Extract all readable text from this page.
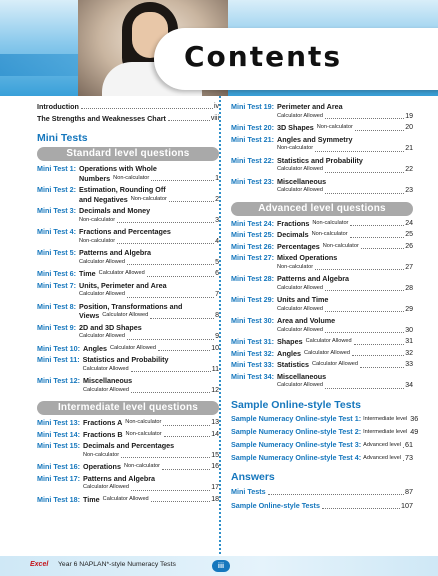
Contents
Introduction	iv
The Strengths and Weaknesses Chart	viii
Mini Tests
Standard level questions
Mini Test 1: Operations with Whole
Numbers Non-calculator	1
Mini Test 2: Estimation, Rounding Off
and Negatives Non-calculator	2
Mini Test 3: Decimals and Money
Non-calculator	3
Mini Test 4: Fractions and Percentages
Non-calculator	4
Mini Test 5: Patterns and Algebra
Calculator Allowed	5
Mini Test 6: Time Calculator Allowed	6
Mini Test 7: Units, Perimeter and Area
Calculator Allowed	7
Mini Test 8: Position, Transformations and
Views Calculator Allowed	8
Mini Test 9: 2D and 3D Shapes
Calculator Allowed	9
Mini Test 10: Angles Calculator Allowed	10
Mini Test 11: Statistics and Probability
Calculator Allowed	11
Mini Test 12: Miscellaneous
Calculator Allowed	12
Intermediate level questions
Mini Test 13: Fractions A Non-calculator	13
Mini Test 14: Fractions B Non-calculator	14
Mini Test 15: Decimals and Percentages
Non-calculator	15
Mini Test 16: Operations Non-calculator	16
Mini Test 17: Patterns and Algebra
Calculator Allowed	17
Mini Test 18: Time Calculator Allowed	18
Mini Test 19: Perimeter and Area
Calculator Allowed	19
Mini Test 20: 3D Shapes Non-calculator	20
Mini Test 21: Angles and Symmetry
Non-calculator	21
Mini Test 22: Statistics and Probability
Calculator Allowed	22
Mini Test 23: Miscellaneous
Calculator Allowed	23
Advanced level questions
Mini Test 24: Fractions Non-calculator	24
Mini Test 25: Decimals Non-calculator	25
Mini Test 26: Percentages Non-calculator	26
Mini Test 27: Mixed Operations
Non-calculator	27
Mini Test 28: Patterns and Algebra
Calculator Allowed	28
Mini Test 29: Units and Time
Calculator Allowed	29
Mini Test 30: Area and Volume
Calculator Allowed	30
Mini Test 31: Shapes Calculator Allowed	31
Mini Test 32: Angles Calculator Allowed	32
Mini Test 33: Statistics Calculator Allowed	33
Mini Test 34: Miscellaneous
Calculator Allowed	34
Sample Online-style Tests
Sample Numeracy Online-style Test 1: Intermediate level 36
Sample Numeracy Online-style Test 2: Intermediate level 49
Sample Numeracy Online-style Test 3: Advanced level 61
Sample Numeracy Online-style Test 4: Advanced level 73
Answers
Mini Tests	87
Sample Online-style Tests	107
Excel Year 6 NAPLAN*-style Numeracy Tests	iii
